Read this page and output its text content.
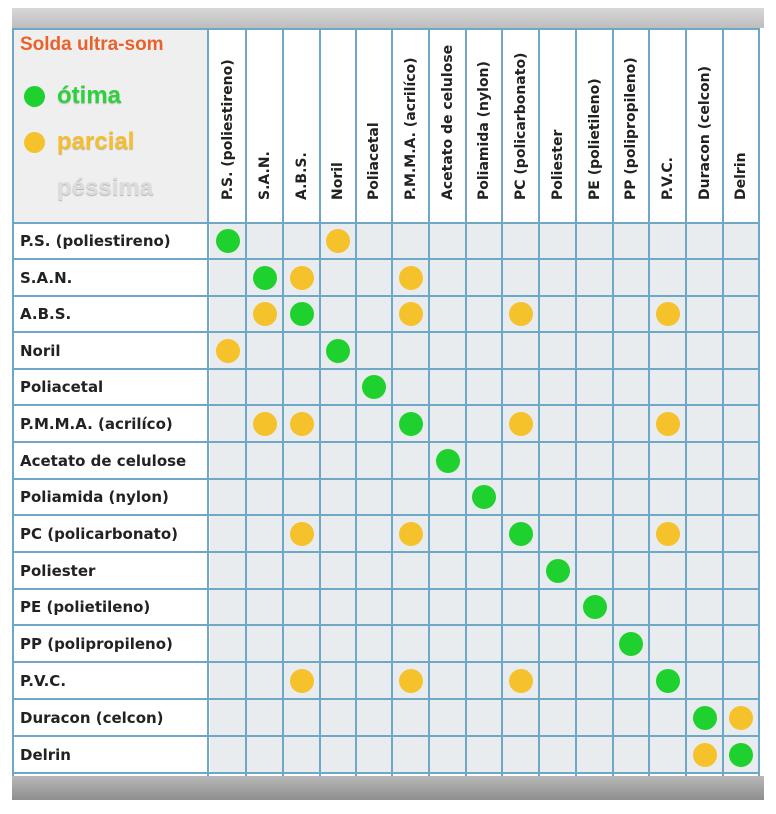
Solda ultra-som
ótima
parcial
péssima	P.S. (poliestireno) S.A.N. A.B.S. Noril Poliacetal P.M.M.A. (acrilíco) Acetato de celulose Poliamida (nylon) PC (policarbonato) Poliester PE (polietileno) PP (polipropileno) P.V.C. Duracon (celcon) Delrin
P.S. (poliestireno)
S.A.N.
A.B.S.
Noril
Poliacetal
P.M.M.A. (acrilíco)
Acetato de celulose
Poliamida (nylon)
PC (policarbonato)
Poliester
PE (polietileno)
PP (polipropileno)
P.V.C.
Duracon (celcon)
Delrin
